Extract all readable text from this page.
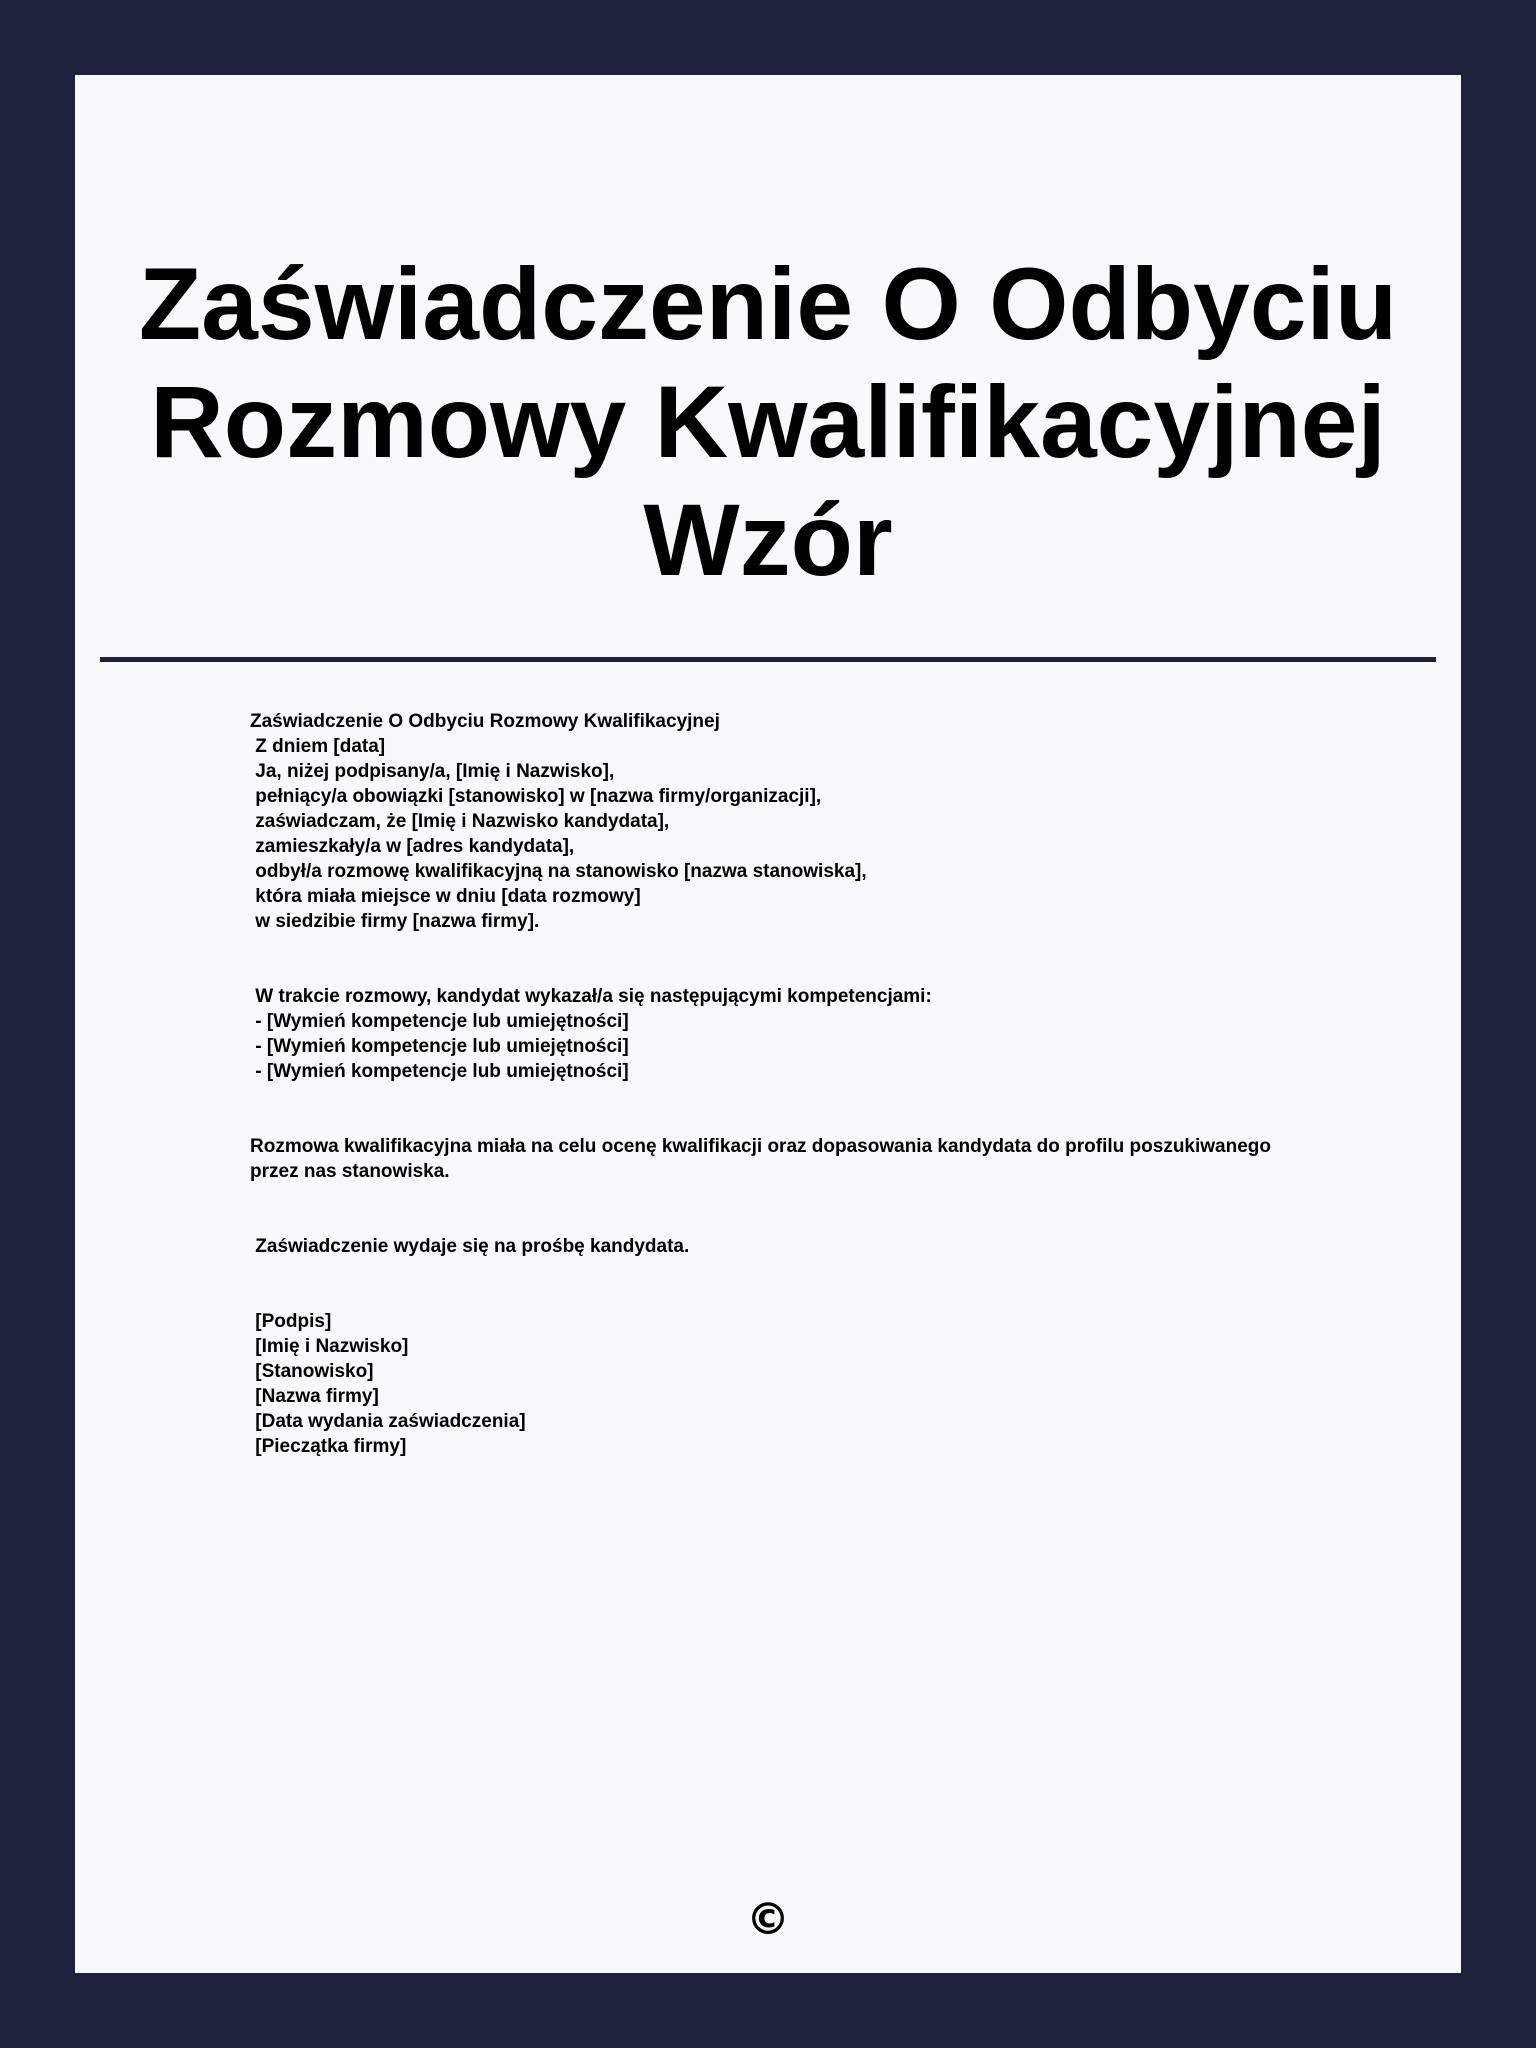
Zaświadczenie O Odbyciu Rozmowy Kwalifikacyjnej Wzór
Zaświadczenie O Odbyciu Rozmowy Kwalifikacyjnej
Z dniem [data]
Ja, niżej podpisany/a, [Imię i Nazwisko],
pełniący/a obowiązki [stanowisko] w [nazwa firmy/organizacji],
zaświadczam, że [Imię i Nazwisko kandydata],
zamieszkały/a w [adres kandydata],
odbył/a rozmowę kwalifikacyjną na stanowisko [nazwa stanowiska],
która miała miejsce w dniu [data rozmowy]
w siedzibie firmy [nazwa firmy].
W trakcie rozmowy, kandydat wykazał/a się następującymi kompetencjami:
- [Wymień kompetencje lub umiejętności]
- [Wymień kompetencje lub umiejętności]
- [Wymień kompetencje lub umiejętności]
Rozmowa kwalifikacyjna miała na celu ocenę kwalifikacji oraz dopasowania kandydata do profilu poszukiwanego przez nas stanowiska.
Zaświadczenie wydaje się na prośbę kandydata.
[Podpis]
[Imię i Nazwisko]
[Stanowisko]
[Nazwa firmy]
[Data wydania zaświadczenia]
[Pieczątka firmy]
©
